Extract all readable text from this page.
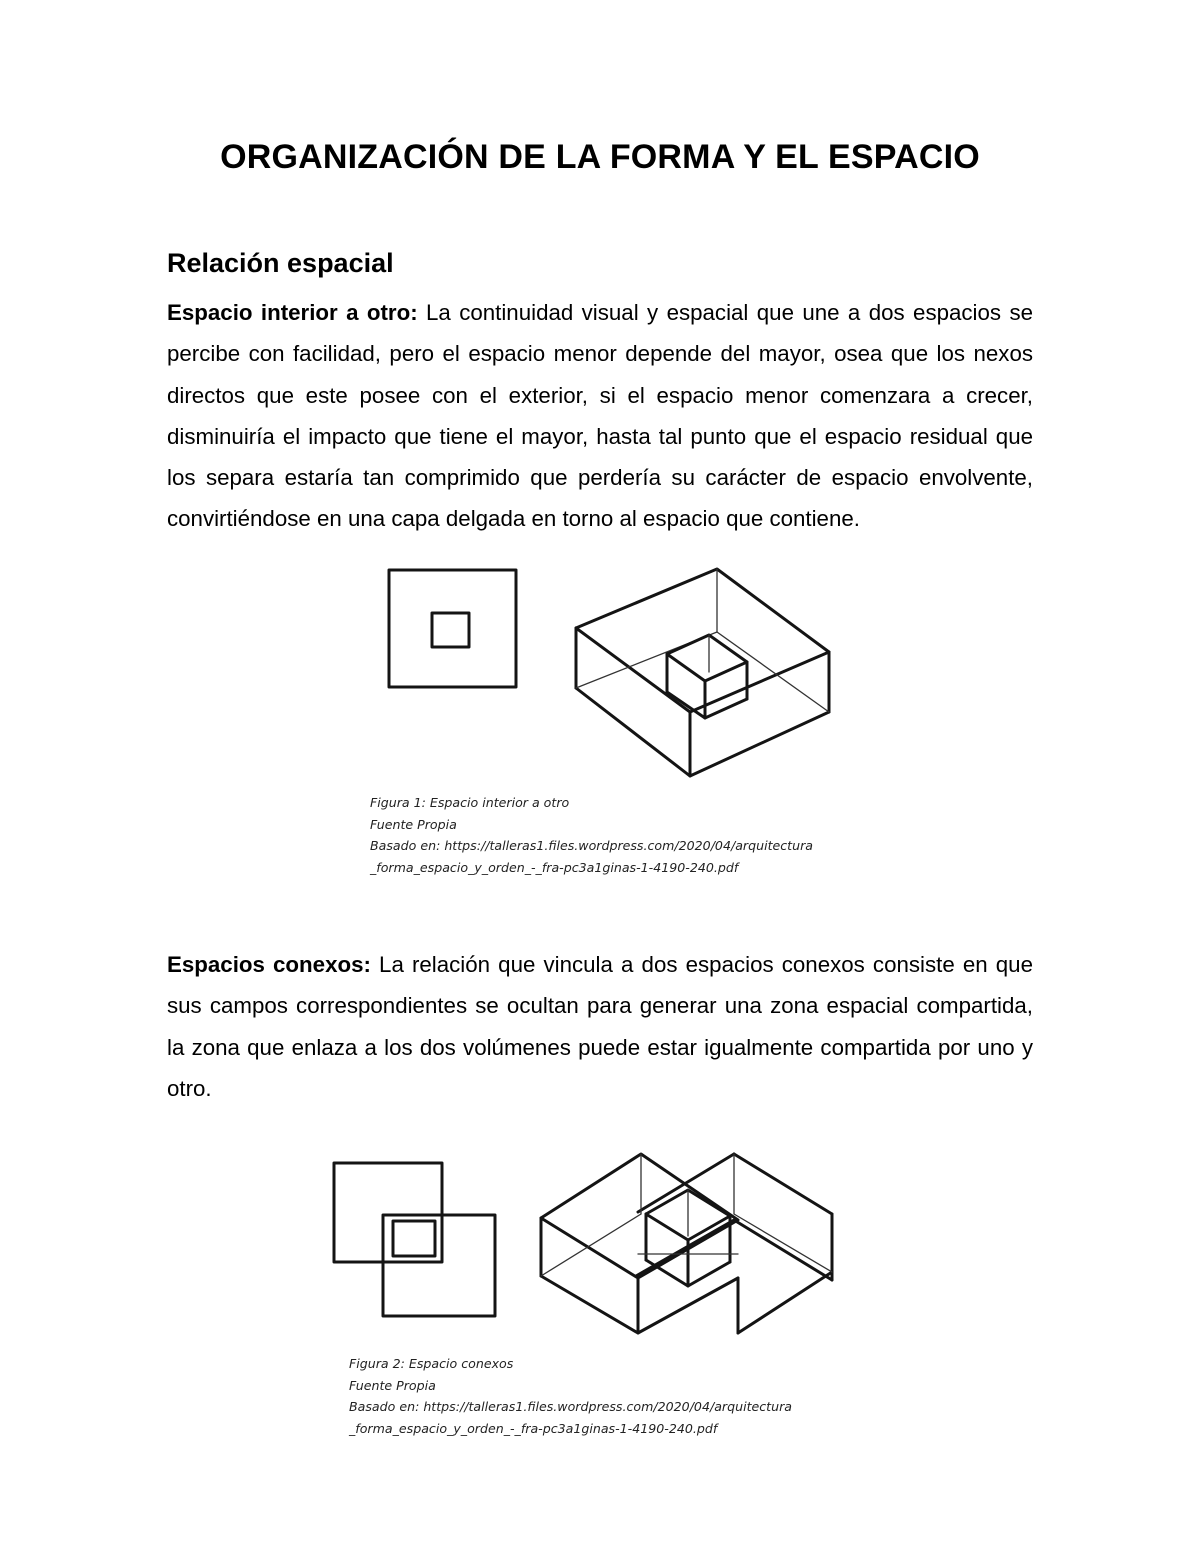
ORGANIZACIÓN DE LA FORMA Y EL ESPACIO
Relación espacial

Espacio interior a otro: La continuidad visual y espacial que une a dos espacios se percibe con facilidad, pero el espacio menor depende del mayor, osea que los nexos directos que este posee con el exterior, si el espacio menor comenzara a crecer, disminuiría el impacto que tiene el mayor, hasta tal punto que el espacio residual que los separa estaría tan comprimido que perdería su carácter de espacio envolvente, convirtiéndose en una capa delgada en torno al espacio que contiene.

Figura 1: Espacio interior a otro
Fuente Propia
Basado en: https://talleras1.files.wordpress.com/2020/04/arquitectura
_forma_espacio_y_orden_-_fra-pc3a1ginas-1-4190-240.pdf

Espacios conexos: La relación que vincula a dos espacios conexos consiste en que sus campos correspondientes se ocultan para generar una zona espacial compartida, la zona que enlaza a los dos volúmenes puede estar igualmente compartida por uno y otro.

Figura 2: Espacio conexos
Fuente Propia
Basado en: https://talleras1.files.wordpress.com/2020/04/arquitectura
_forma_espacio_y_orden_-_fra-pc3a1ginas-1-4190-240.pdf
